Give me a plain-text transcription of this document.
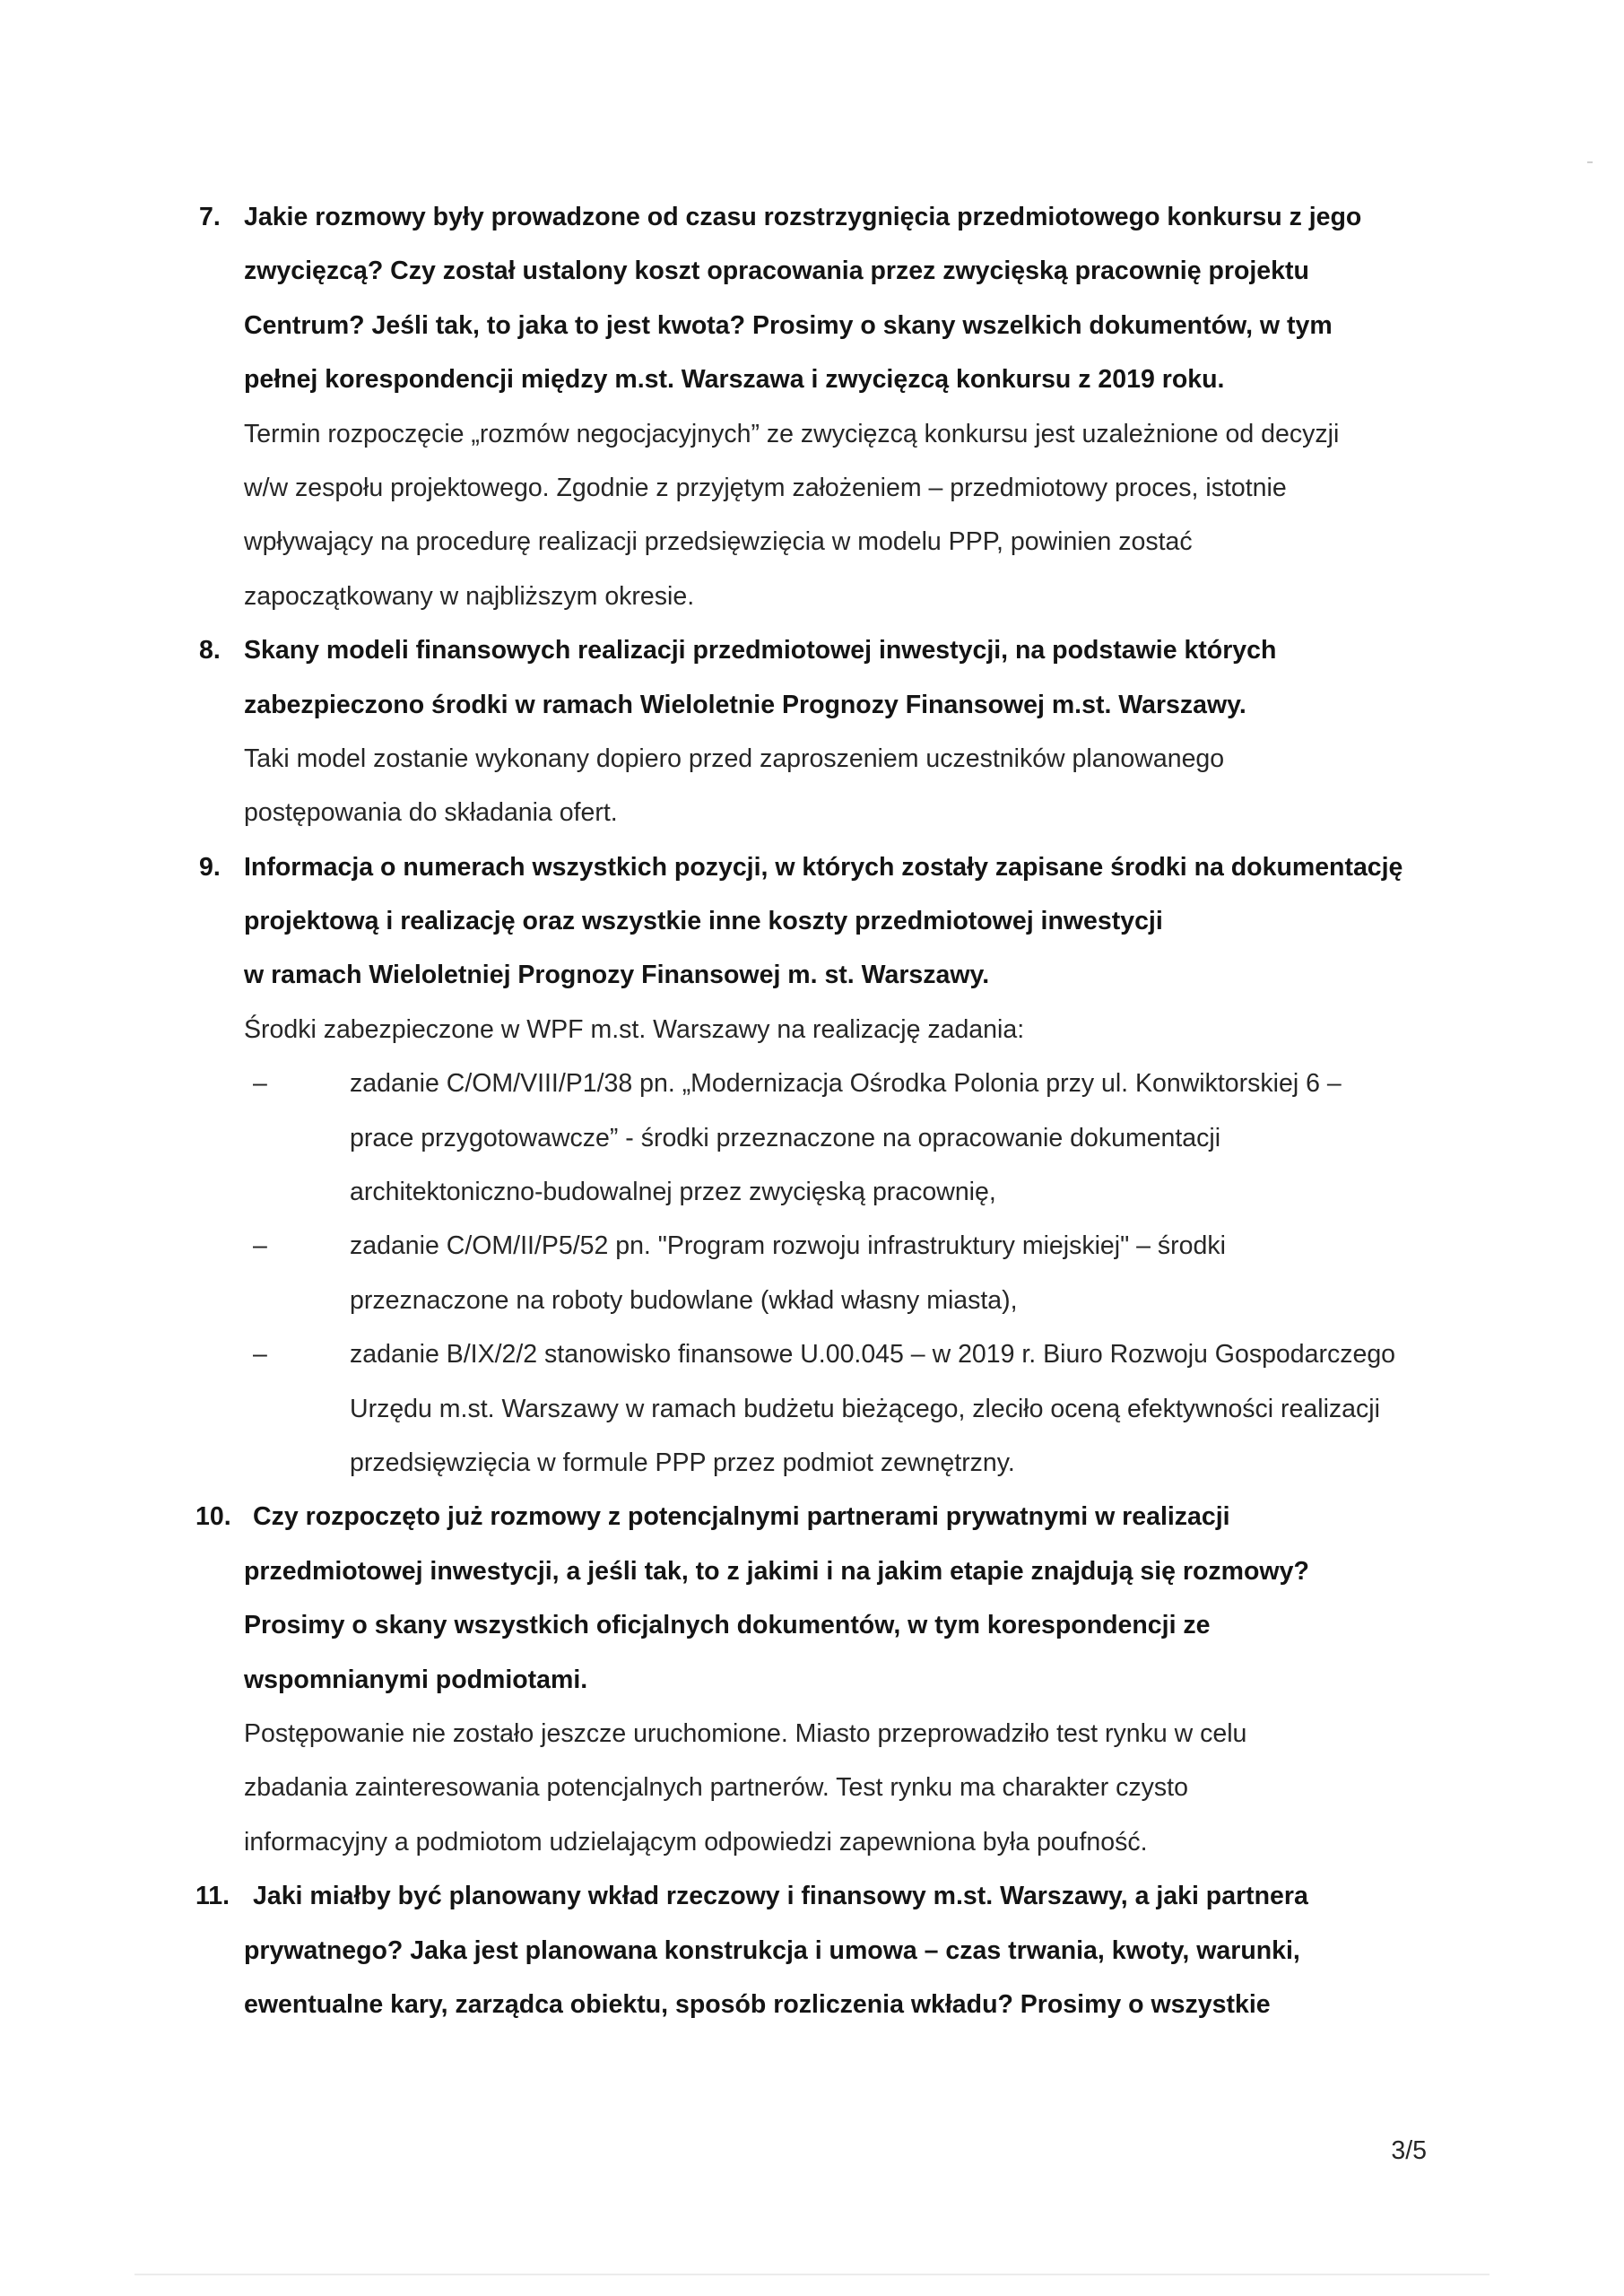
7. Jakie rozmowy były prowadzone od czasu rozstrzygnięcia przedmiotowego konkursu z jego
zwycięzcą? Czy został ustalony koszt opracowania przez zwycięską pracownię projektu
Centrum? Jeśli tak, to jaka to jest kwota? Prosimy o skany wszelkich dokumentów, w tym
pełnej korespondencji między m.st. Warszawa i zwycięzcą konkursu z 2019 roku.
Termin rozpoczęcie „rozmów negocjacyjnych” ze zwycięzcą konkursu jest uzależnione od decyzji
w/w zespołu projektowego. Zgodnie z przyjętym założeniem – przedmiotowy proces, istotnie
wpływający na procedurę realizacji przedsięwzięcia w modelu PPP, powinien zostać
zapoczątkowany w najbliższym okresie.
8. Skany modeli finansowych realizacji przedmiotowej inwestycji, na podstawie których
zabezpieczono środki w ramach Wieloletnie Prognozy Finansowej m.st. Warszawy.
Taki model zostanie wykonany dopiero przed zaproszeniem uczestników planowanego
postępowania do składania ofert.
9. Informacja o numerach wszystkich pozycji, w których zostały zapisane środki na dokumentację
projektową i realizację oraz wszystkie inne koszty przedmiotowej inwestycji
w ramach Wieloletniej Prognozy Finansowej m. st. Warszawy.
Środki zabezpieczone w WPF m.st. Warszawy na realizację zadania:
–	zadanie C/OM/VIII/P1/38 pn. „Modernizacja Ośrodka Polonia przy ul. Konwiktorskiej 6 –
prace przygotowawcze” - środki przeznaczone na opracowanie dokumentacji
architektoniczno-budowalnej przez zwycięską pracownię,
–	zadanie C/OM/II/P5/52 pn. "Program rozwoju infrastruktury miejskiej" – środki
przeznaczone na roboty budowlane (wkład własny miasta),
–	zadanie B/IX/2/2 stanowisko finansowe U.00.045 – w 2019 r. Biuro Rozwoju Gospodarczego
Urzędu m.st. Warszawy w ramach budżetu bieżącego, zleciło oceną efektywności realizacji
przedsięwzięcia w formule PPP przez podmiot zewnętrzny.
10. Czy rozpoczęto już rozmowy z potencjalnymi partnerami prywatnymi w realizacji
przedmiotowej inwestycji, a jeśli tak, to z jakimi i na jakim etapie znajdują się rozmowy?
Prosimy o skany wszystkich oficjalnych dokumentów, w tym korespondencji ze
wspomnianymi podmiotami.
Postępowanie nie zostało jeszcze uruchomione. Miasto przeprowadziło test rynku w celu
zbadania zainteresowania potencjalnych partnerów. Test rynku ma charakter czysto
informacyjny a podmiotom udzielającym odpowiedzi zapewniona była poufność.
11. Jaki miałby być planowany wkład rzeczowy i finansowy m.st. Warszawy, a jaki partnera
prywatnego? Jaka jest planowana konstrukcja i umowa – czas trwania, kwoty, warunki,
ewentualne kary, zarządca obiektu, sposób rozliczenia wkładu? Prosimy o wszystkie
3/5
